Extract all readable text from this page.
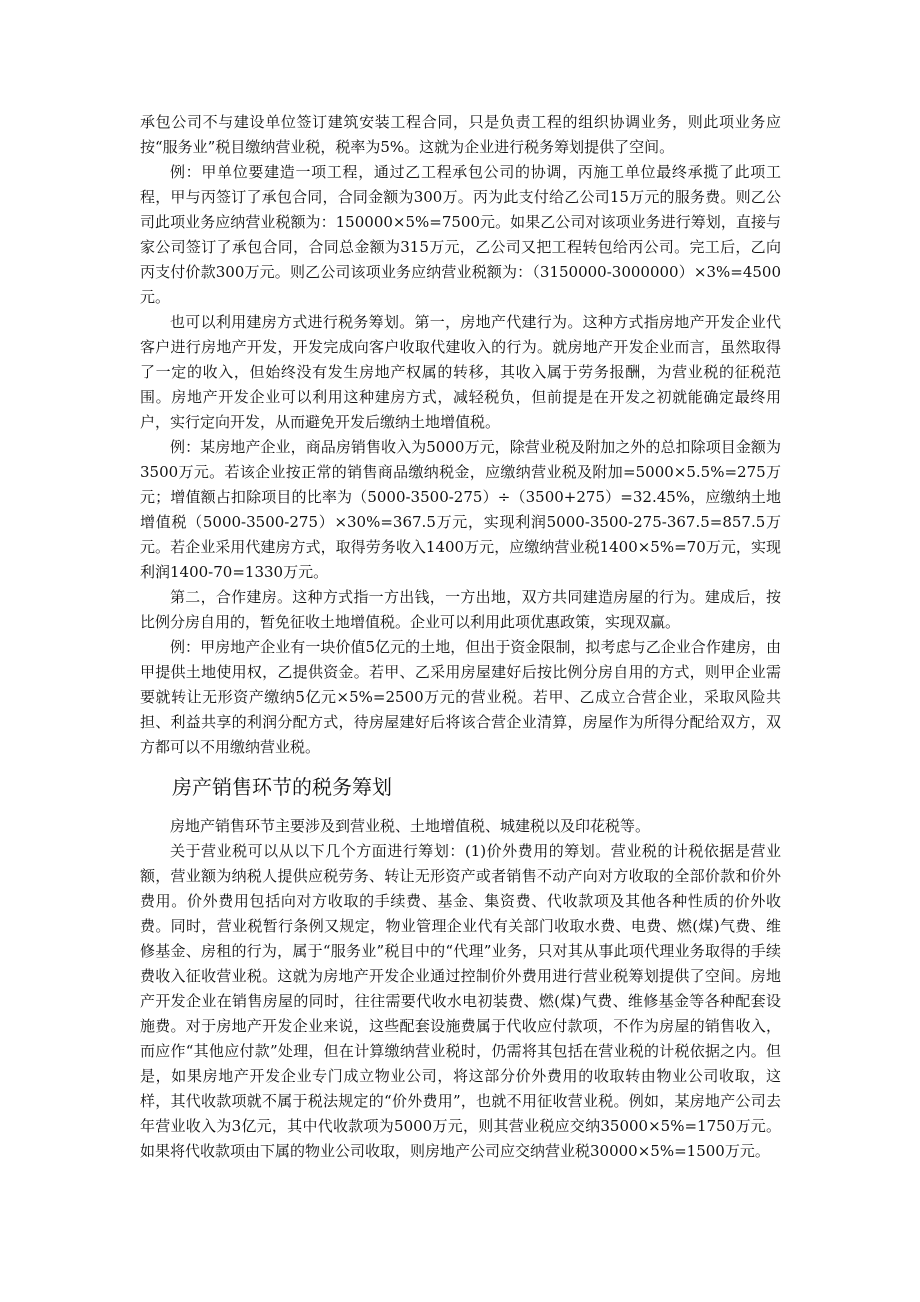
承包公司不与建设单位签订建筑安装工程合同，只是负责工程的组织协调业务，则此项业务应按“服务业”税目缴纳营业税，税率为5%。这就为企业进行税务筹划提供了空间。

例：甲单位要建造一项工程，通过乙工程承包公司的协调，丙施工单位最终承揽了此项工程，甲与丙签订了承包合同，合同金额为300万。丙为此支付给乙公司15万元的服务费。则乙公司此项业务应纳营业税额为：150000×5%=7500元。如果乙公司对该项业务进行筹划，直接与家公司签订了承包合同，合同总金额为315万元，乙公司又把工程转包给丙公司。完工后，乙向丙支付价款300万元。则乙公司该项业务应纳营业税额为：（3150000-3000000）×3%=4500元。

也可以利用建房方式进行税务筹划。第一，房地产代建行为。这种方式指房地产开发企业代客户进行房地产开发，开发完成向客户收取代建收入的行为。就房地产开发企业而言，虽然取得了一定的收入，但始终没有发生房地产权属的转移，其收入属于劳务报酬，为营业税的征税范围。房地产开发企业可以利用这种建房方式，减轻税负，但前提是在开发之初就能确定最终用户，实行定向开发，从而避免开发后缴纳土地增值税。

例：某房地产企业，商品房销售收入为5000万元，除营业税及附加之外的总扣除项目金额为3500万元。若该企业按正常的销售商品缴纳税金，应缴纳营业税及附加=5000×5.5%=275万元；增值额占扣除项目的比率为（5000-3500-275）÷（3500+275）=32.45%，应缴纳土地增值税（5000-3500-275）×30%=367.5万元，实现利润5000-3500-275-367.5=857.5万元。若企业采用代建房方式，取得劳务收入1400万元，应缴纳营业税1400×5%=70万元，实现利润1400-70=1330万元。

第二，合作建房。这种方式指一方出钱，一方出地，双方共同建造房屋的行为。建成后，按比例分房自用的，暂免征收土地增值税。企业可以利用此项优惠政策，实现双赢。

例：甲房地产企业有一块价值5亿元的土地，但出于资金限制，拟考虑与乙企业合作建房，由甲提供土地使用权，乙提供资金。若甲、乙采用房屋建好后按比例分房自用的方式，则甲企业需要就转让无形资产缴纳5亿元×5%=2500万元的营业税。若甲、乙成立合营企业，采取风险共担、利益共享的利润分配方式，待房屋建好后将该合营企业清算，房屋作为所得分配给双方，双方都可以不用缴纳营业税。

房产销售环节的税务筹划

房地产销售环节主要涉及到营业税、土地增值税、城建税以及印花税等。

关于营业税可以从以下几个方面进行筹划：(1)价外费用的筹划。营业税的计税依据是营业额，营业额为纳税人提供应税劳务、转让无形资产或者销售不动产向对方收取的全部价款和价外费用。价外费用包括向对方收取的手续费、基金、集资费、代收款项及其他各种性质的价外收费。同时，营业税暂行条例又规定，物业管理企业代有关部门收取水费、电费、燃(煤)气费、维修基金、房租的行为，属于“服务业”税目中的“代理”业务，只对其从事此项代理业务取得的手续费收入征收营业税。这就为房地产开发企业通过控制价外费用进行营业税筹划提供了空间。房地产开发企业在销售房屋的同时，往往需要代收水电初装费、燃(煤)气费、维修基金等各种配套设施费。对于房地产开发企业来说，这些配套设施费属于代收应付款项，不作为房屋的销售收入，而应作“其他应付款”处理，但在计算缴纳营业税时，仍需将其包括在营业税的计税依据之内。但是，如果房地产开发企业专门成立物业公司，将这部分价外费用的收取转由物业公司收取，这样，其代收款项就不属于税法规定的“价外费用”，也就不用征收营业税。例如，某房地产公司去年营业收入为3亿元，其中代收款项为5000万元，则其营业税应交纳35000×5%=1750万元。如果将代收款项由下属的物业公司收取，则房地产公司应交纳营业税30000×5%=1500万元。
